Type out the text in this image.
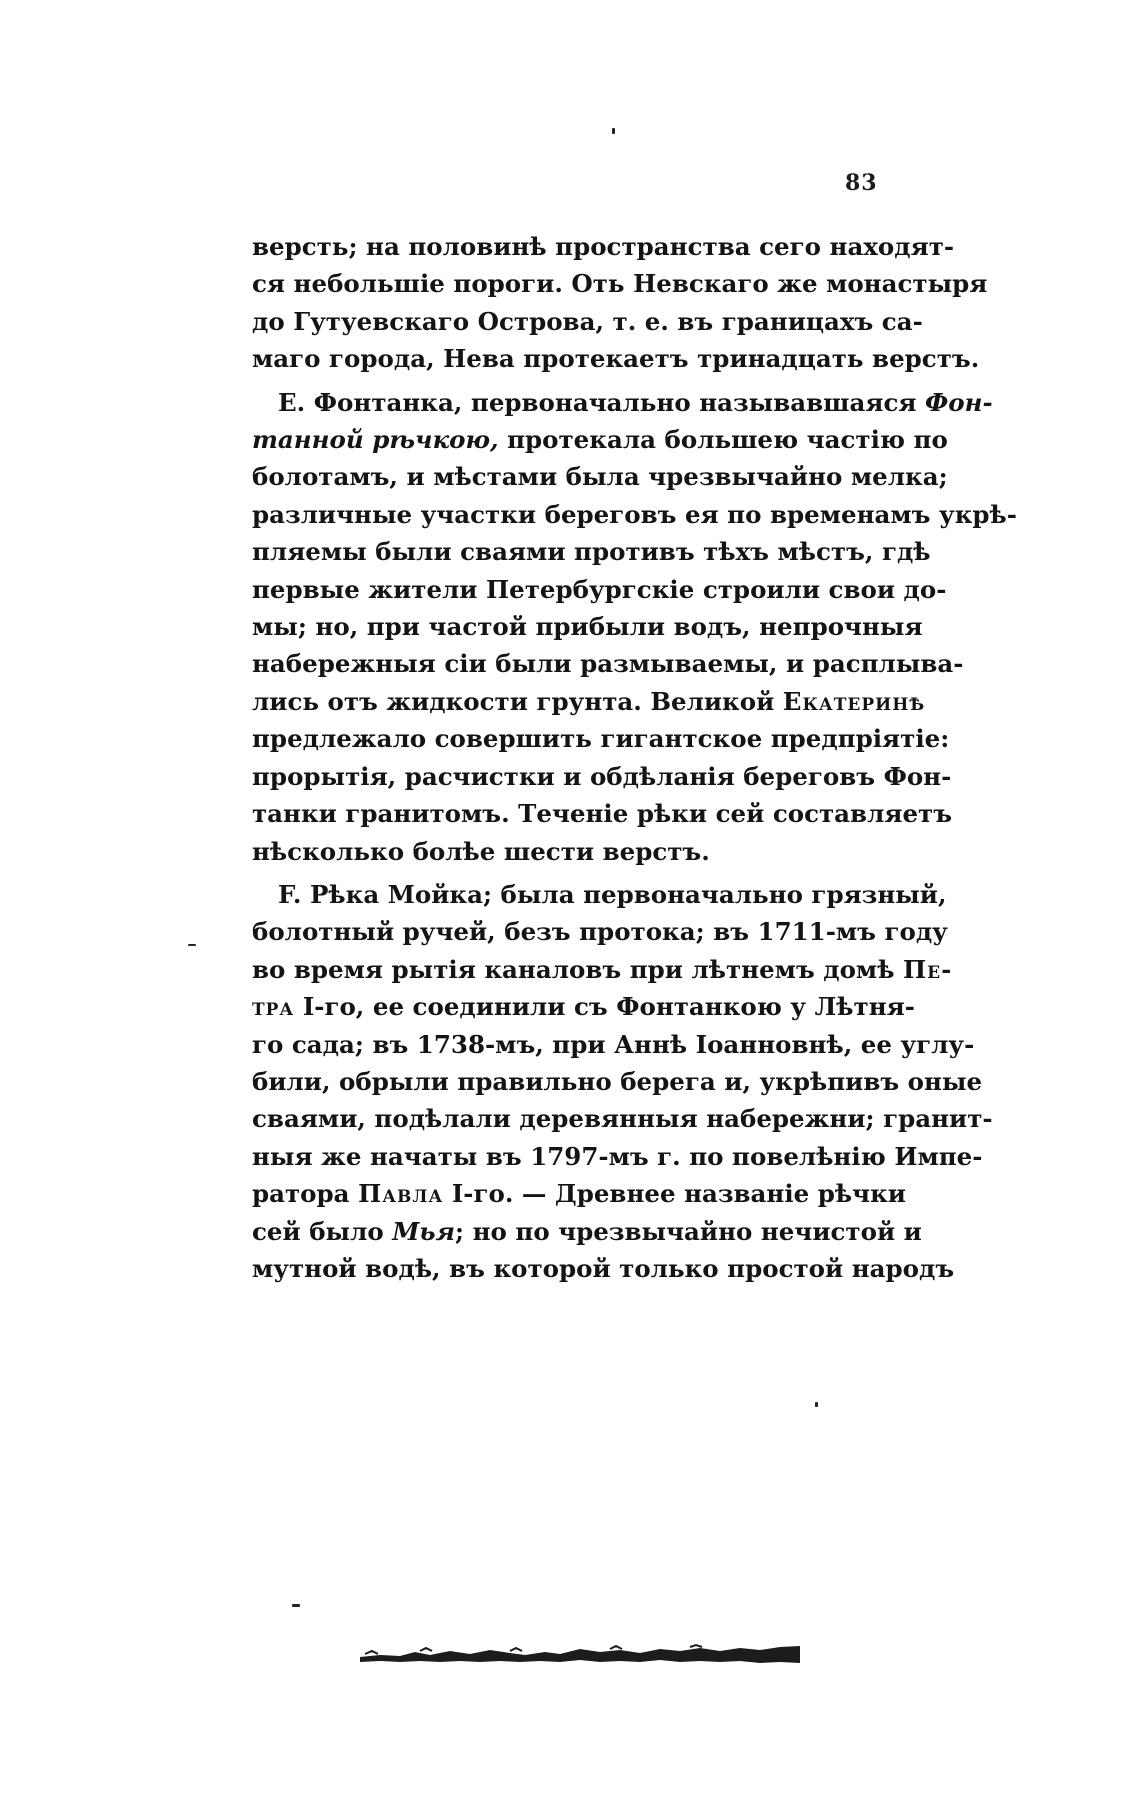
83
версть; на половинѣ пространства сего находят-
ся небольшіе пороги. Оть Невскаго же монастыря
до Гутуевскаго Острова, т. е. въ границахъ са-
маго города, Нева протекаетъ тринадцать верстъ.
E. Фонтанка, первоначально называвшаяся Фон-
танной рѣчкою, протекала большею частію по
болотамъ, и мѣстами была чрезвычайно мелка;
различные участки береговъ ея по временамъ укрѣ-
пляемы были сваями противъ тѣхъ мѣстъ, гдѣ
первые жители Петербургскіе строили свои до-
мы; но, при частой прибыли водъ, непрочныя
набережныя сіи были размываемы, и расплыва-
лись отъ жидкости грунта. Великой Екатеринѣ
предлежало совершить гигантское предпріятіе:
прорытія, расчистки и обдѣланія береговъ Фон-
танки гранитомъ. Теченіе рѣки сей составляетъ
нѣсколько болѣе шести верстъ.
F. Рѣка Мойка; была первоначально грязный,
болотный ручей, безъ протока; въ 1711-мъ году
во время рытія каналовъ при лѣтнемъ домѣ Пе-
тра I-го, ее соединили съ Фонтанкою у Лѣтня-
го сада; въ 1738-мъ, при Аннѣ Іоанновнѣ, ее углу-
били, обрыли правильно берега и, укрѣпивъ оные
сваями, подѣлали деревянныя набережни; гранит-
ныя же начаты въ 1797-мъ г. по повелѣнію Импе-
ратора Павла I-го. — Древнее названіе рѣчки
сей было Мья; но по чрезвычайно нечистой и
мутной водѣ, въ которой только простой народъ
